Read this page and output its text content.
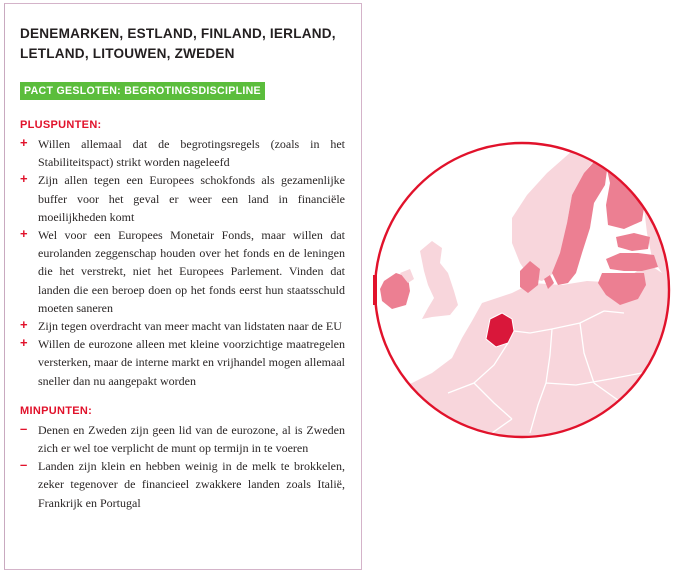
DENEMARKEN, ESTLAND, FINLAND, IERLAND, LETLAND, LITOUWEN, ZWEDEN
PACT GESLOTEN: BEGROTINGSDISCIPLINE
PLUSPUNTEN:
+ Willen allemaal dat de begrotingsregels (zoals in het Stabiliteitspact) strikt worden nageleefd
+ Zijn allen tegen een Europees schokfonds als gezamenlijke buffer voor het geval er weer een land in financiële moeilijkheden komt
+ Wel voor een Europees Monetair Fonds, maar willen dat eurolanden zeggenschap houden over het fonds en de leningen die het verstrekt, niet het Europees Parlement. Vinden dat landen die een beroep doen op het fonds eerst hun staatsschuld moeten saneren
+ Zijn tegen overdracht van meer macht van lidstaten naar de EU
+ Willen de eurozone alleen met kleine voorzichtige maatregelen versterken, maar de interne markt en vrijhandel mogen allemaal sneller dan nu aangepakt worden
MINPUNTEN:
– Denen en Zweden zijn geen lid van de eurozone, al is Zweden zich er wel toe verplicht de munt op termijn in te voeren
– Landen zijn klein en hebben weinig in de melk te brokkelen, zeker tegenover de financieel zwakkere landen zoals Italië, Frankrijk en Portugal
